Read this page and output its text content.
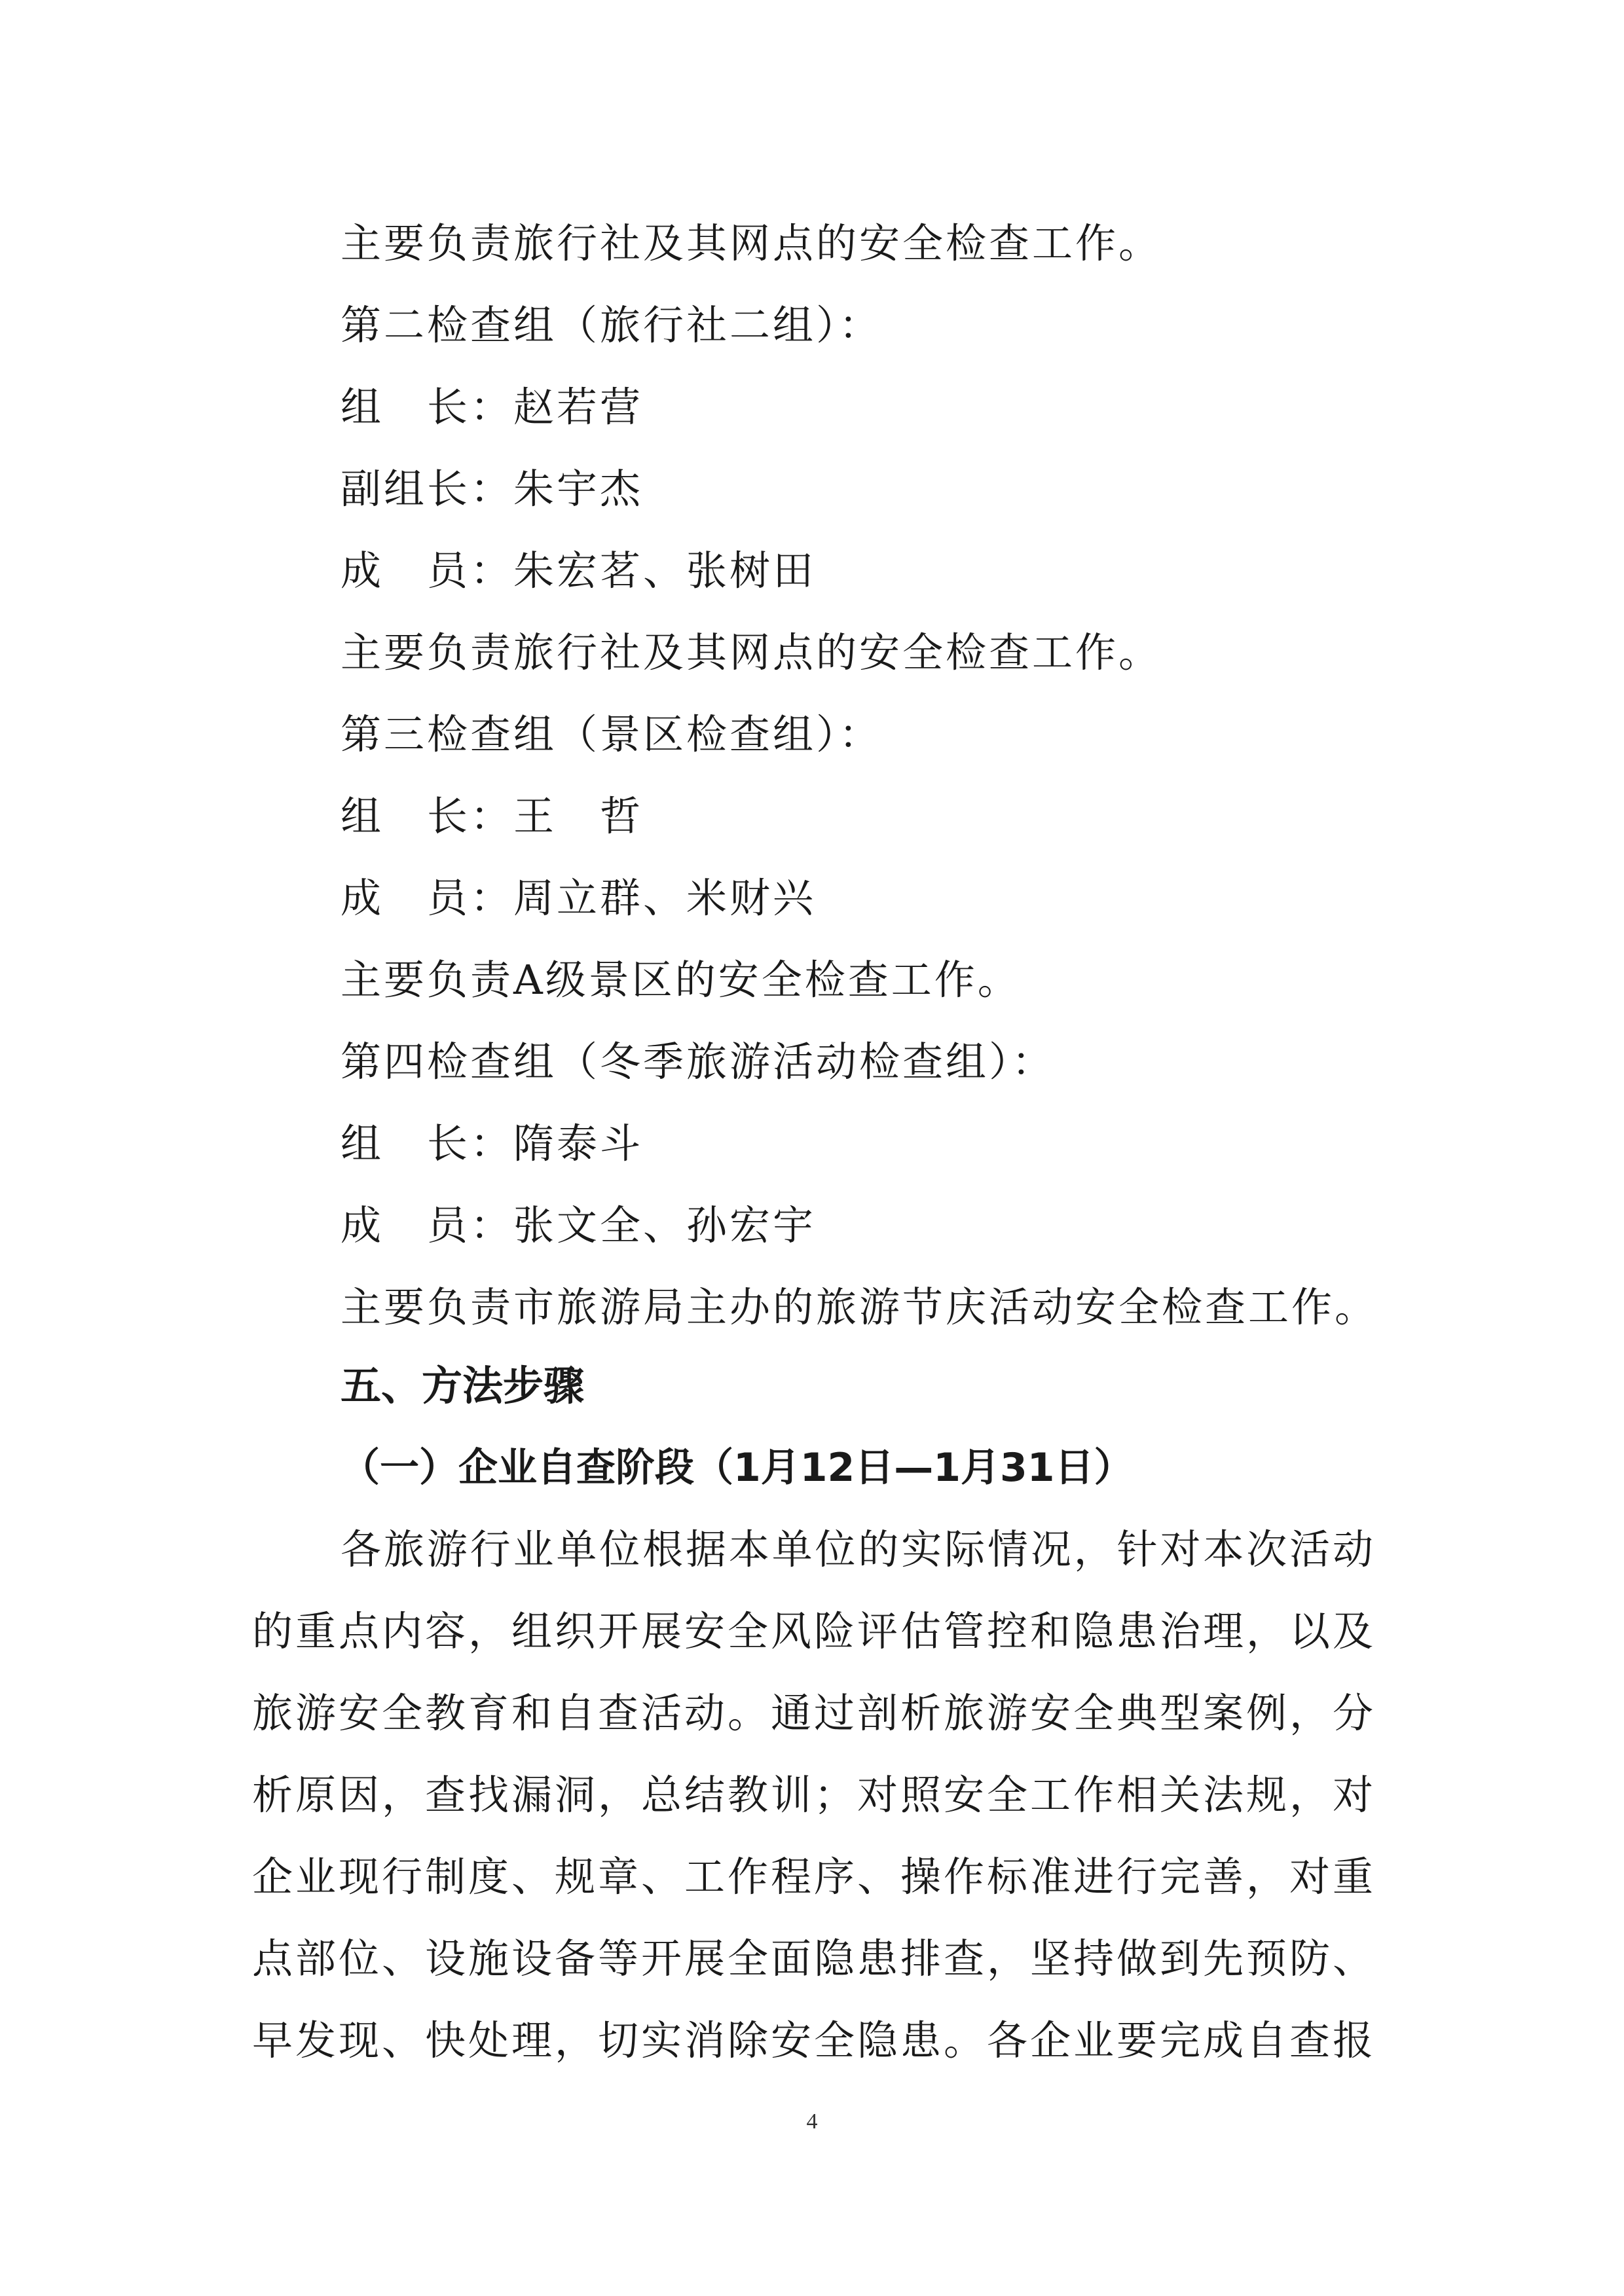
主要负责旅行社及其网点的安全检查工作。
第二检查组（旅行社二组）：
组　长：赵若营
副组长：朱宇杰
成　员：朱宏茗、张树田
主要负责旅行社及其网点的安全检查工作。
第三检查组（景区检查组）：
组　长：王　哲
成　员：周立群、米财兴
主要负责A级景区的安全检查工作。
第四检查组（冬季旅游活动检查组）：
组　长：隋泰斗
成　员：张文全、孙宏宇
主要负责市旅游局主办的旅游节庆活动安全检查工作。
五、方法步骤
（一）企业自查阶段（1月12日—1月31日）
各旅游行业单位根据本单位的实际情况，针对本次活动
的重点内容，组织开展安全风险评估管控和隐患治理，以及
旅游安全教育和自查活动。通过剖析旅游安全典型案例，分
析原因，查找漏洞，总结教训；对照安全工作相关法规，对
企业现行制度、规章、工作程序、操作标准进行完善，对重
点部位、设施设备等开展全面隐患排查，坚持做到先预防、
早发现、快处理，切实消除安全隐患。各企业要完成自查报
4
